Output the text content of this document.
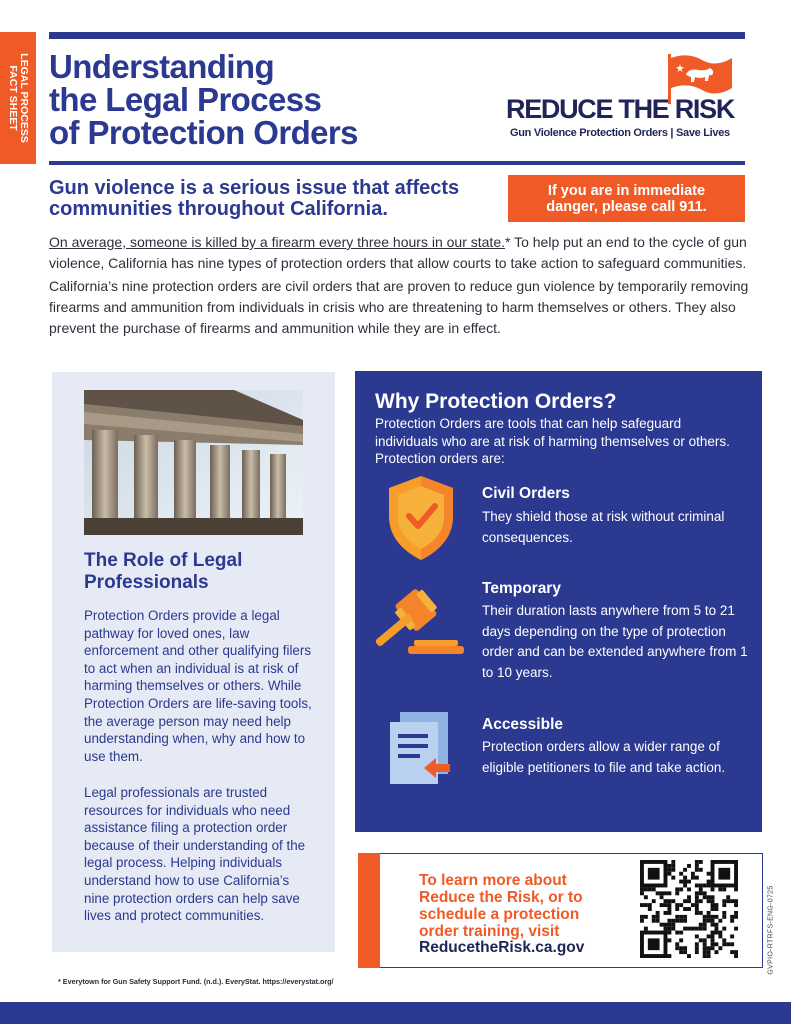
LEGAL PROCESS
FACT SHEET Understanding
the Legal Process
of Protection Orders
REDUCE THE RISK
Gun Violence Protection Orders | Save Lives
Gun violence is a serious issue that affects
communities throughout California.
If you are in immediate
danger, please call 911.

On average, someone is killed by a firearm every three hours in our state.* To help put an end to the cycle of gun violence, California has nine types of protection orders that allow courts to take action to safeguard communities.

California’s nine protection orders are civil orders that are proven to reduce gun violence by temporarily removing firearms and ammunition from individuals in crisis who are threatening to harm themselves or others. They also prevent the purchase of firearms and ammunition while they are in effect.

The Role of Legal
Professionals

Protection Orders provide a legal pathway for loved ones, law enforcement and other qualifying filers to act when an individual is at risk of harming themselves or others. While Protection Orders are life-saving tools, the average person may need help understanding when, why and how to use them.

Legal professionals are trusted resources for individuals who need assistance filing a protection order because of their understanding of the legal process. Helping individuals understand how to use California’s nine protection orders can help save lives and protect communities.

Why Protection Orders?
Protection Orders are tools that can help safeguard
individuals who are at risk of harming themselves or others.
Protection orders are:
Civil Orders
They shield those at risk without criminal consequences.
Temporary
Their duration lasts anywhere from 5 to 21 days depending on the type of protection order and can be extended anywhere from 1 to 10 years.
Accessible
Protection orders allow a wider range of eligible petitioners to file and take action.
To learn more about
Reduce the Risk, or to
schedule a protection
order training, visit
ReducetheRisk.ca.gov	GVPIO-RTRFS-ENG-0725
* Everytown for Gun Safety Support Fund. (n.d.). EveryStat. https://everystat.org/
